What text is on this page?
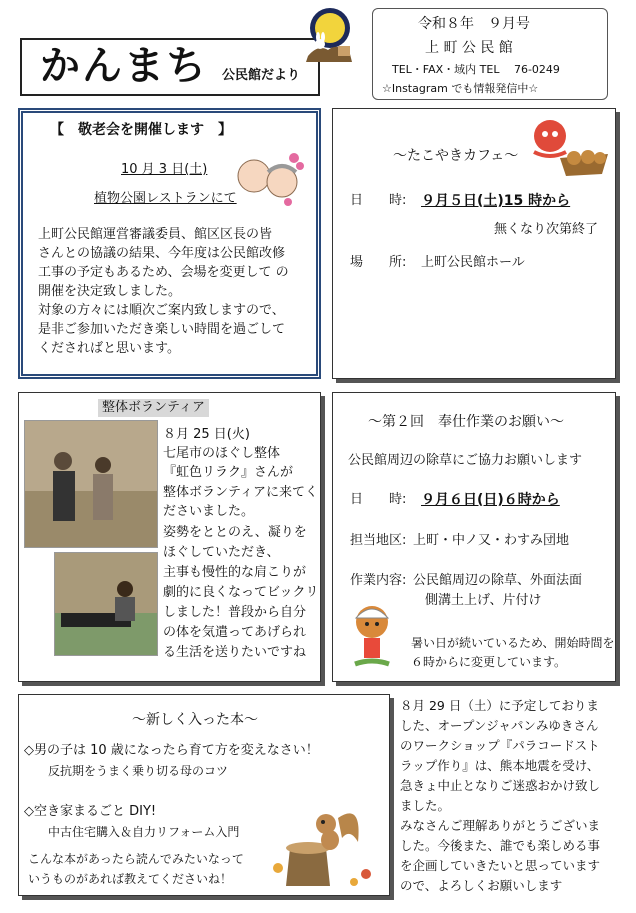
かんまち 公民館だより
令和８年　９月号
上 町 公 民 館
TEL・FAX・域内 TEL　 76-0249
☆Instagram でも情報発信中☆
【　敬老会を開催します　】
10 月 3 日(土)
植物公園レストランにて
上町公民館運営審議委員、館区区長の皆
さんとの協議の結果、今年度は公民館改修
工事の予定もあるため、会場を変更して の
開催を決定致しました。
対象の方々には順次ご案内致しますので、
是非ご参加いただき楽しい時間を過ごして
くださればと思います。
～たこやきカフェ～
日　　時: ９月５日(土)15 時から
無くなり次第終了
場　　所: 上町公民館ホール
整体ボランティア
８月 25 日(火)
七尾市のほぐし整体
『虹色リラク』さんが
整体ボランティアに来てく
ださいました。
姿勢をととのえ、凝りを
ほぐしていただき、
主事も慢性的な肩こりが
劇的に良くなってビックリ
しました！普段から自分
の体を気遣ってあげられ
る生活を送りたいですね
～第２回　奉仕作業のお願い～
公民館周辺の除草にご協力お願いします
日　　時: ９月６日(日)６時から
担当地区: 上町・中ノ又・わすみ団地
作業内容: 公民館周辺の除草、外面法面
側溝土上げ、片付け
暑い日が続いているため、開始時間を
６時からに変更しています。
～新しく入った本～
◇男の子は 10 歳になったら育て方を変えなさい！
反抗期をうまく乗り切る母のコツ
◇空き家まるごと DIY!
中古住宅購入＆自力リフォーム入門
こんな本があったら読んでみたいなって
いうものがあれば教えてくださいね！
８月 29 日（土）に予定しておりま
した、オープンジャパンみゆきさん
のワークショップ『パラコードスト
ラップ作り』は、熊本地震を受け、
急きょ中止となりご迷惑おかけ致し
ました。
みなさんご理解ありがとうございま
した。今後また、誰でも楽しめる事
を企画していきたいと思っています
ので、よろしくお願いします
